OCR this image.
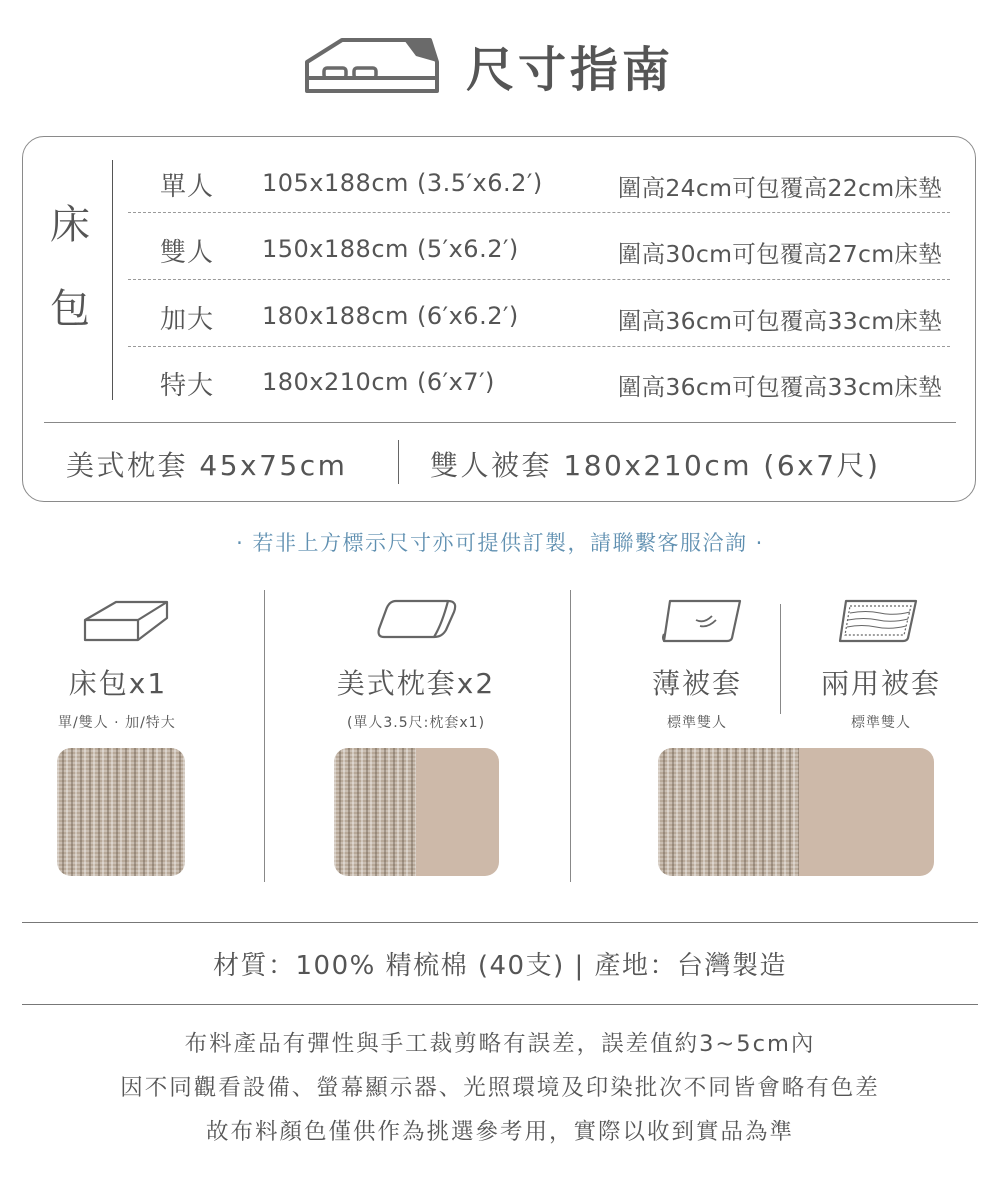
尺寸指南
床
包
單人 105x188cm (3.5′x6.2′)	圍高24cm可包覆高22cm床墊
雙人 150x188cm (5′x6.2′)	圍高30cm可包覆高27cm床墊
加大 180x188cm (6′x6.2′)	圍高36cm可包覆高33cm床墊
特大 180x210cm (6′x7′)	圍高36cm可包覆高33cm床墊
美式枕套 45x75cm	雙人被套 180x210cm (6x7尺)
· 若非上方標示尺寸亦可提供訂製，請聯繫客服洽詢 ·
床包x1
單/雙人 · 加/特大
美式枕套x2
(單人3.5尺:枕套x1)
薄被套
標準雙人
兩用被套
標準雙人
材質：100% 精梳棉 (40支) | 產地：台灣製造
布料產品有彈性與手工裁剪略有誤差，誤差值約3~5cm內
因不同觀看設備、螢幕顯示器、光照環境及印染批次不同皆會略有色差
故布料顏色僅供作為挑選參考用，實際以收到實品為準
